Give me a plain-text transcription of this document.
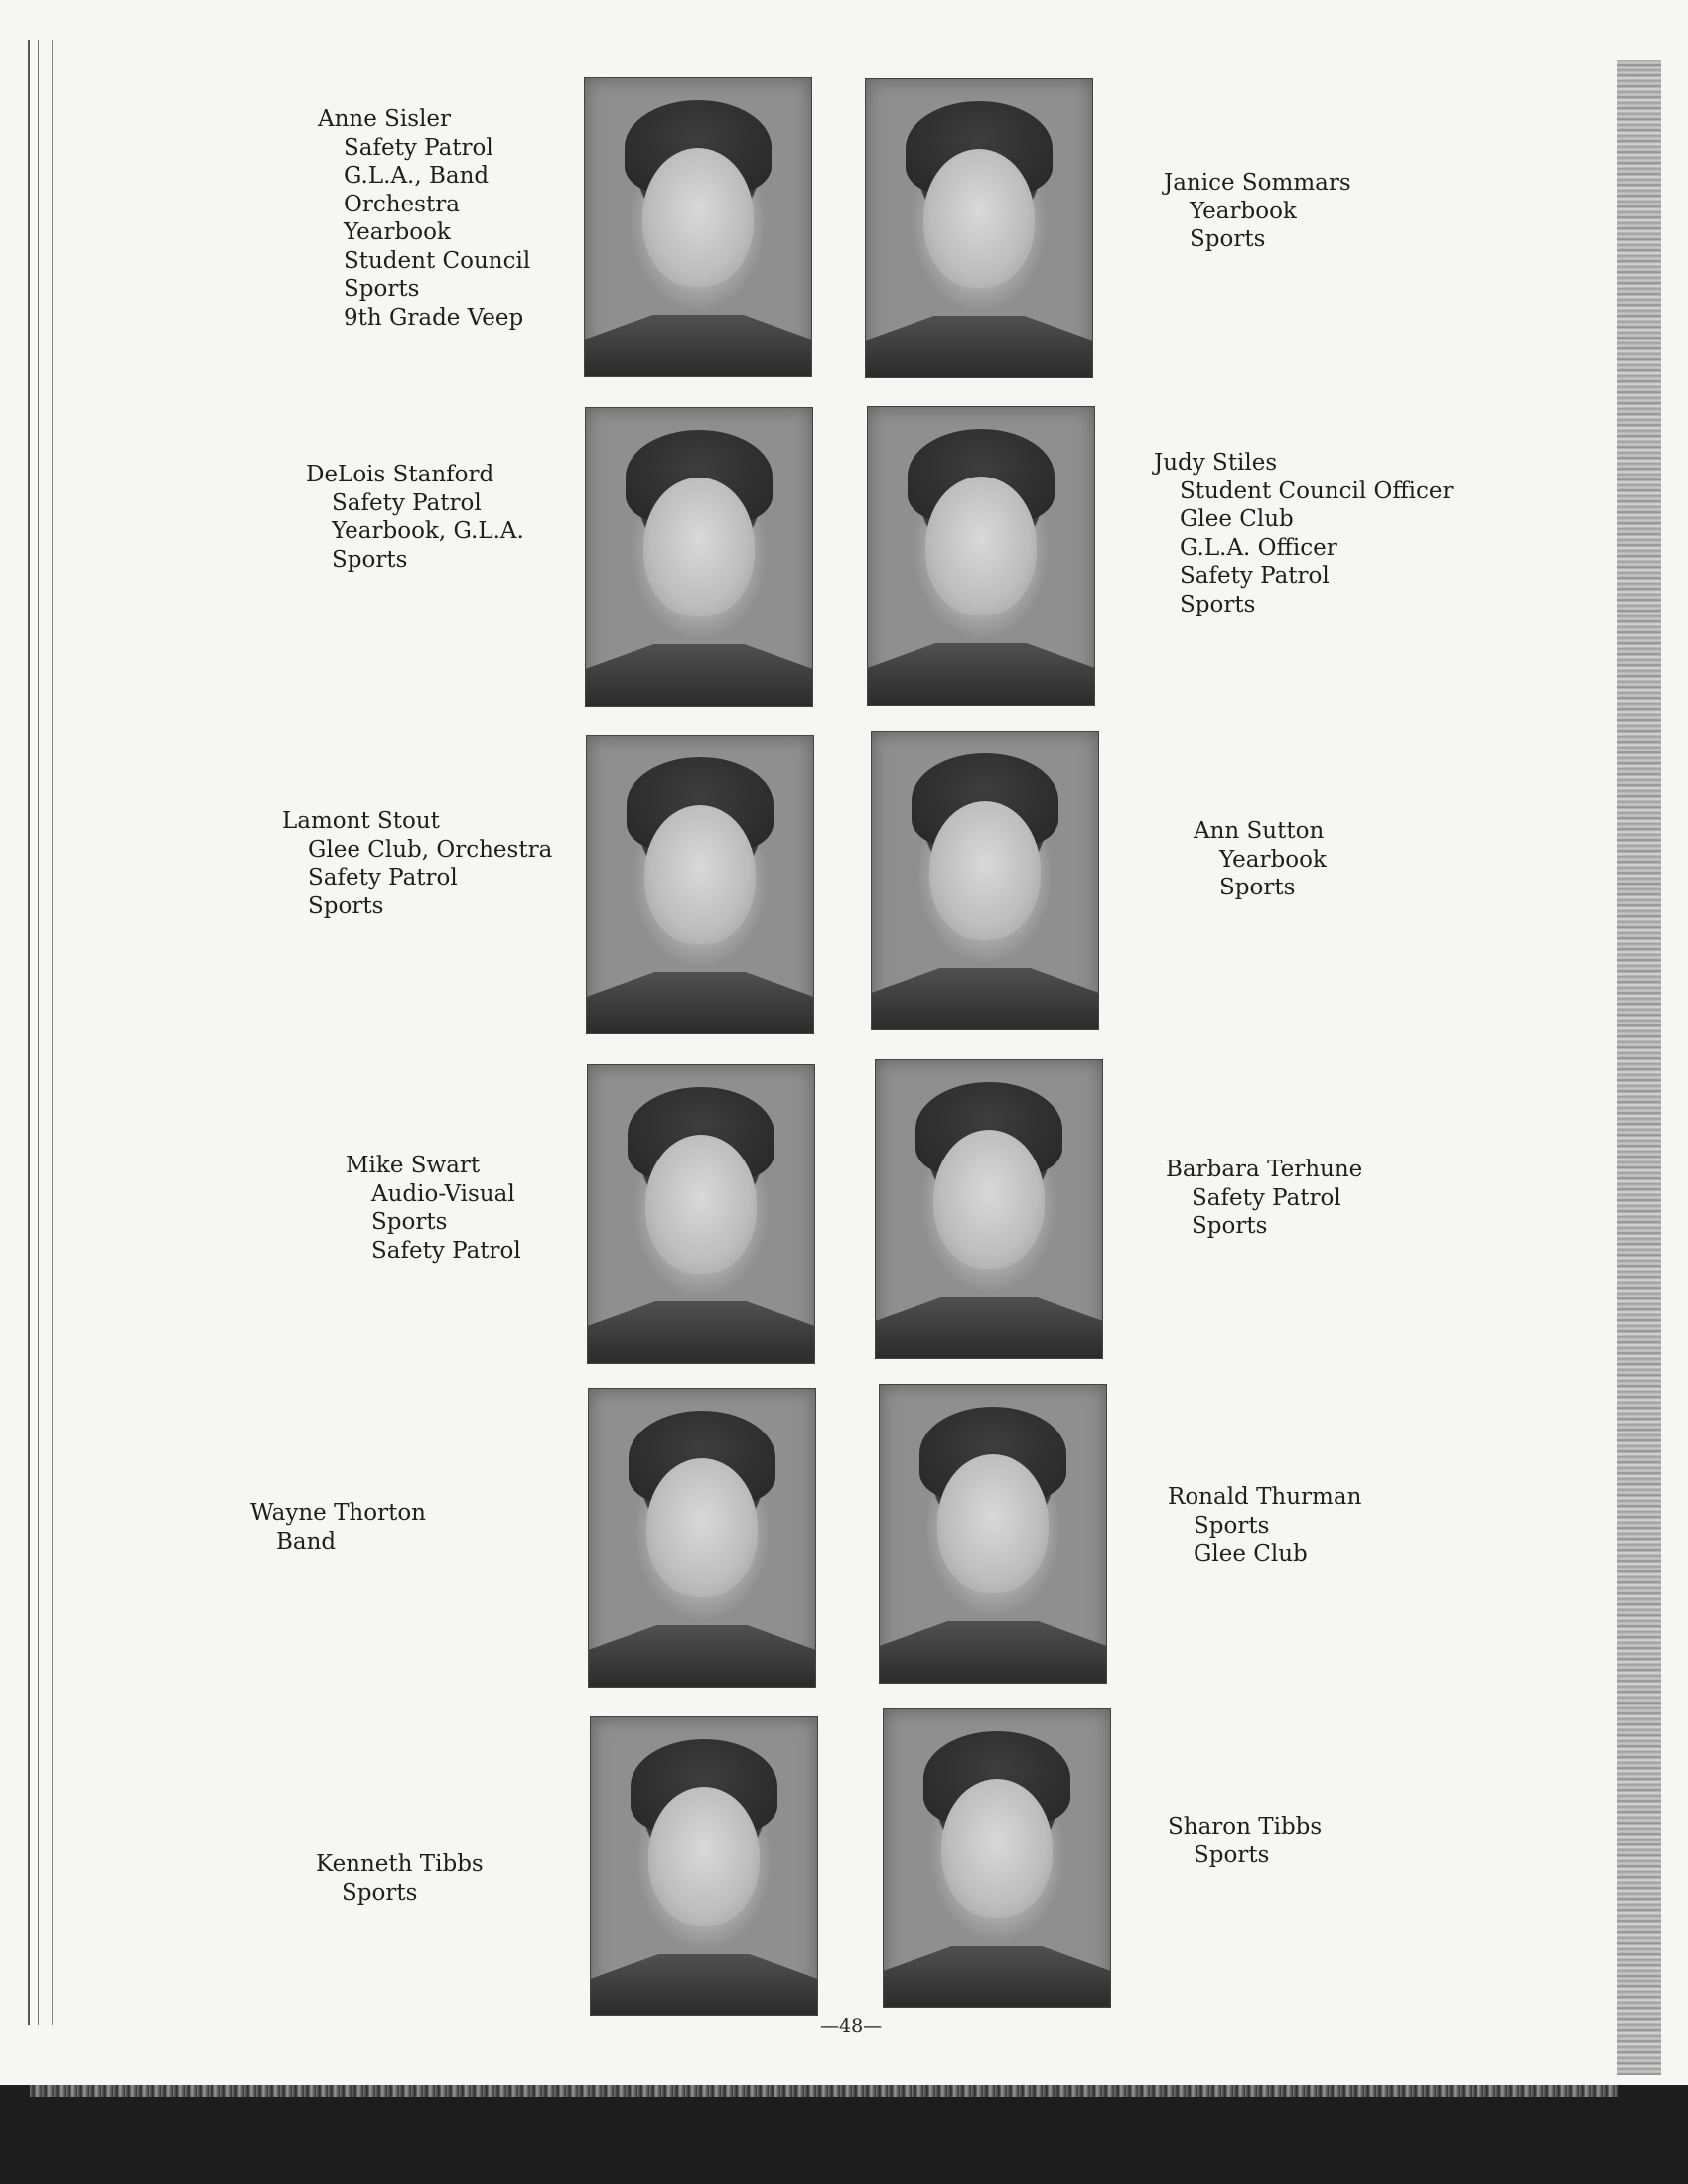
Anne Sisler
Safety Patrol
G.L.A., Band
Orchestra
Yearbook
Student Council
Sports
9th Grade Veep
Janice Sommars
Yearbook
Sports
DeLois Stanford
Safety Patrol
Yearbook, G.L.A.
Sports
Judy Stiles
Student Council Officer
Glee Club
G.L.A. Officer
Safety Patrol
Sports
Lamont Stout
Glee Club, Orchestra
Safety Patrol
Sports
Ann Sutton
Yearbook
Sports
Mike Swart
Audio-Visual
Sports
Safety Patrol
Barbara Terhune
Safety Patrol
Sports
Wayne Thorton
Band
Ronald Thurman
Sports
Glee Club
Kenneth Tibbs
Sports
Sharon Tibbs
Sports
—48—
